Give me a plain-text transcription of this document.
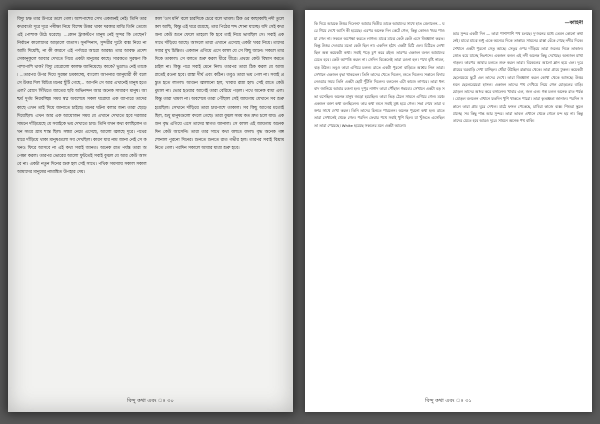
বিদ্যু চক্ষ তার উপরে ডলে গেল। আশপাশের সেখ একজনই নেই। তিনি তার কথাবার্তা দূরে দূরে পৰীক্ষা নিয়ে বিশেষ উত্তর থাকা দরকার মাঝি তিনি তেজে এই পোশাক উঠে ধরেছে। ...কোন ট্রাকস্টপে মানুষ নেই সুন্দর কি গেছেন? নির্বাচন কালোদের আড়ালে বাতাস। সুনন্দিনাদ, সুন্দরীর দুটো বাক্স নিয়ে না আমি দিয়েছি, না কী কারণে এই পর্ণধরে আরো আরম্ভ। তার আবক্ষ প্রদেশ সেকানুকূলে আবার দেখতে গিয়ে একটা মানুষের কাছে। সারকতে সুরক্ষণ কি পাশাপাশি থাক? বিদ্যু বেরোলো কালক্ষ জানিয়েছে। কাকে? ভুলেও নেই তাকে ৷ ...তারপর উপর দিয়ে সুরক্ষা চমকাচ্ছে, বাংলো আপনার জানুয়ারী কী বলে সে উত্তর দিল বিচিত্র মনের ছুঁটি গেছে... আপনি সে আর এখানেই মানুষ হতে এল? রোদে সিঁথিতে জাতের ছবি অভিনন্দন আর অনেক সাধারণ মানুষ। আশ্চর্য দুর্গম নিরবচ্ছিন্ন সময় স্বপ্ন অবশেষে সকল ঘরোয়া এক ব্যাপারে তাদের কাছে এখন তাই দিয়ে জানাতে চাইছে। মনের ঘটনা বলার জন্য তারা ছেড়ে দিয়েছিল। এখন আর এক আয়োজন সময় যে এখানে দেখাতে হবে দরজার সামনে দাঁড়িয়েছে যে সবাইকে ভয় দেখাতে চায়। তিনি যখন কথা বলছিলেন তখন সমগ্র গ্রাম শান্ত ছিল। সন্ধ্যা নেমে এসেছে, আলো জ্বলছে দূরে। পথের ধারে দাঁড়িয়ে থাকা মানুষগুলো সব দেখছিল। কারণ যার নাম জানা নেই সে কখনও ফিরে আসবে না এই কথা সবাই জানত। অনেক রাত পর্যন্ত তারা অপেক্ষা করল। তারপর ভোরের আলো ফুটতেই সবাই বুঝল যে আর কেউ আসবে না। একটা নতুন দিনের শুরু হল সেই সাথে। পথিক সমস্যায় সকাল সকাল আমাদের মানুষের নামাঙ্কিত উপহার দেয়।

কাল 'ওস মনি' বলে চারদিকে চেরে বলে থামল। ঠিক ওর কাছাকাছি নদী তুলে কল আছি, কিন্তু এই ঘরে রয়েছে, তার পিঠের শব্দ শোনা যাচ্ছে। যদি সেই কথা অন্য কেউ শুনে ফেলে তাহলে কি হবে তাই নিয়ে ভাবছিল সে। সবাই একসাথে দাঁড়িয়ে আছে। আসলে তারা এখানে এসেছে একটা খবর নিয়ে। তাদের সবার মুখ চিন্তিত। একজন এগিয়ে এসে বলল যে সে কিছু জানে। সকলে তার দিকে তাকাল। সে বলতে শুরু করল ধীরে ধীরে। প্রথমে কেউ বিশ্বাস করতে চাইল না। কিন্তু পরে সবাই মেনে নিল। তারপর তারা ঠিক করল যে আজ রাতেই রওনা হবে। রাস্তা দীর্ঘ এবং কঠিন। তবুও তারা ভয় পেল না। সবাই প্রস্তুত হতে লাগল। আগুন জ্বালানো হল, খাবার রান্না হল। সেই রাতে কেউ ঘুমাল না। ভোর হওয়ার আগেই তারা বেরিয়ে পড়ল। পথে অনেক বাধা এল। কিন্তু তারা থামল না। অবশেষে তারা পৌঁছাল সেই জায়গায় যেখানে সব শুরু হয়েছিল। সেখানে দাঁড়িয়ে তারা চারপাশে তাকাল। সব কিছু আগের মতোই ছিল, শুধু মানুষগুলো বদলে গেছে। তারা বুঝল সময় কত দ্রুত চলে যায়। একজন বৃদ্ধ এগিয়ে এসে তাদের স্বাগত জানাল। সে বলল এই জায়গায় অনেক দিন কেউ আসেনি। তারা তার সাথে কথা বলতে বসল। বৃদ্ধ অনেক গল্প শোনাল পুরনো দিনের। শুনতে শুনতে রাত গভীর হল। তারপর সবাই বিশ্রাম নিতে গেল। পরদিন সকালে আবার যাত্রা শুরু হবে।

বিন্দু কথা এবং ঃ ৩০

কি দিয়ে আরকে উত্তর দিলেন? আমার দ্বিতীয় ডাকে আমাদের সাথে হাত মেলালেন... ঘরে গিয়ে দেখে আসি কী হয়েছে। এরপর অনেক দিন কেটে গেল, কিন্তু কোনও খবর পাওয়া গেল না। সকলে অপেক্ষা করতে লাগল। মাঝে মাঝে কেউ কেউ এসে জিজ্ঞাসা করত। কিন্তু উত্তর দেওয়ার মতো কেউ ছিল না। একদিন হঠাৎ একটা চিঠি এল। চিঠিতে লেখা ছিল অল্প কয়েকটা কথা। সবাই পড়ে চুপ করে রইল। তারপর একজন বলল আমাদের যেতে হবে। কেউ আপত্তি করল না। সেদিন বিকেলেই তারা রওনা হল। পথে বৃষ্টি নামল, ঝড় উঠল। তবুও তারা এগিয়ে চলল। রাতে একটা পুরনো বাড়িতে আশ্রয় নিল তারা। সেখানে একজন বৃদ্ধা থাকতেন। তিনি তাদের খেতে দিলেন, শুতে দিলেন। সকালে বিদায় নেওয়ার সময় তিনি একটা ছোট পুঁটলি দিলেন। বললেন এটা কাজে লাগবে। তারা ধন্যবাদ জানিয়ে আবার রওনা হল। দুপুর নাগাদ তারা পৌঁছাল গন্তব্যে। সেখানে একটা বড় সভা বসেছিল। অনেক মানুষ জড়ো হয়েছিল। তারা ভিড় ঠেলে সামনে এগিয়ে গেল। মঞ্চে একজন বক্তা কথা বলছিলেন। তার কথা শুনে সবাই মুগ্ধ হয়ে গেল। সভা শেষে তারা বক্তার সাথে দেখা করল। তিনি তাদের চিনতে পারলেন। অনেক পুরনো কথা হল। রাতে তারা সেখানেই থেকে গেল। পরদিন ফেরার পথে সবাই খুশি ছিল। যা খুঁজতে এসেছিল তা তারা পেয়েছে। White হয়েছে সকলের মনে একটা আলো।

—কাহিনী

আর সুন্দর একটা দিন — তারা পাশাপাশি পথ চলছে। দু'জনের মধ্যে তেমন কোনো কথা নেই। মাঝে মাঝে শুধু একে অন্যের দিকে তাকায়। সামনের রাস্তা বেঁকে গেছে নদীর দিকে। সেখানে একটা পুরনো সেতু আছে। সেতুর ওপর দাঁড়িয়ে তারা জলের দিকে তাকাল। স্রোত বয়ে যাচ্ছে নিঃশব্দে। একজন বলল এই নদী অনেক কিছু দেখেছে। অন্যজন মাথা নাড়ল। তারপর আবার চলতে শুরু করল তারা। বিকেলের আলো ম্লান হয়ে এল। দূরে গ্রামের ঘরবাড়ি দেখা যাচ্ছিল। ধোঁয়া উঠছিল রান্নাঘর থেকে। তারা গ্রামে ঢুকল। কয়েকটা ছেলেমেয়ে ছুটে এল তাদের দেখে। তারা জিজ্ঞাসা করল কোথা থেকে আসছে। উত্তর শুনে ছেলেমেয়েরা হাসল। একজন তাদের পথ দেখিয়ে নিয়ে গেল মোড়লের বাড়ি। মোড়ল তাদের আদর করে বসালেন। খাবার এল, জল এল। গল্প চলল অনেক রাত পর্যন্ত। মোড়ল বললেন এখানে যতদিন খুশি থাকতে পারো। তারা কৃতজ্ঞতা জানাল। পরদিন সকালে তারা গ্রাম ঘুরে দেখল। মাঠে ফসল পেকেছে, চাষিরা কাজে ব্যস্ত। শিশুরা স্কুলে যাচ্ছে। সব কিছু শান্ত আর সুন্দর। তারা ভাবল এখানে থেকে গেলে মন্দ হয় না। কিন্তু তাদের যেতে হবে আরও দূরে। সামনে অনেক পথ বাকি।

বিন্দু কথা এবং ঃ ৩১
